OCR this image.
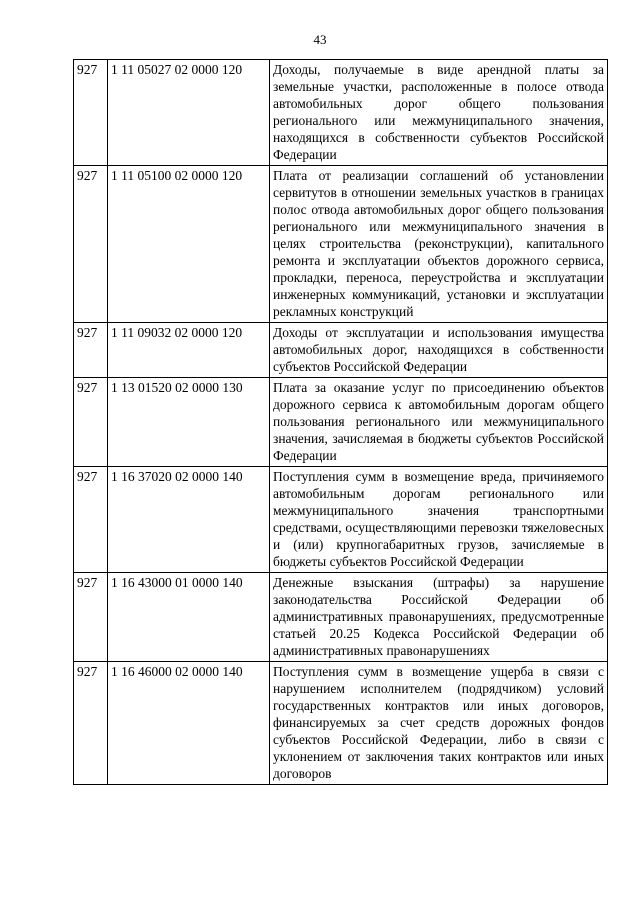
43
927	1 11 05027 02 0000 120	Доходы, получаемые в виде арендной платы за земельные участки, расположенные в полосе отвода автомобильных дорог общего пользования регионального или межмуниципального значения, находящихся в собственности субъектов Российской Федерации
927	1 11 05100 02 0000 120	Плата от реализации соглашений об установлении сервитутов в отношении земельных участков в границах полос отвода автомобильных дорог общего пользования регионального или межмуниципального значения в целях строительства (реконструкции), капитального ремонта и эксплуатации объектов дорожного сервиса, прокладки, переноса, переустройства и эксплуатации инженерных коммуникаций, установки и эксплуатации рекламных конструкций
927	1 11 09032 02 0000 120	Доходы от эксплуатации и использования имущества автомобильных дорог, находящихся в собственности субъектов Российской Федерации
927	1 13 01520 02 0000 130	Плата за оказание услуг по присоединению объектов дорожного сервиса к автомобильным дорогам общего пользования регионального или межмуниципального значения, зачисляемая в бюджеты субъектов Российской Федерации
927	1 16 37020 02 0000 140	Поступления сумм в возмещение вреда, причиняемого автомобильным дорогам регионального или межмуниципального значения транспортными средствами, осуществляющими перевозки тяжеловесных и (или) крупногабаритных грузов, зачисляемые в бюджеты субъектов Российской Федерации
927	1 16 43000 01 0000 140	Денежные взыскания (штрафы) за нарушение законодательства Российской Федерации об административных правонарушениях, предусмотренные статьей 20.25 Кодекса Российской Федерации об административных правонарушениях
927	1 16 46000 02 0000 140	Поступления сумм в возмещение ущерба в связи с нарушением исполнителем (подрядчиком) условий государственных контрактов или иных договоров, финансируемых за счет средств дорожных фондов субъектов Российской Федерации, либо в связи с уклонением от заключения таких контрактов или иных договоров
